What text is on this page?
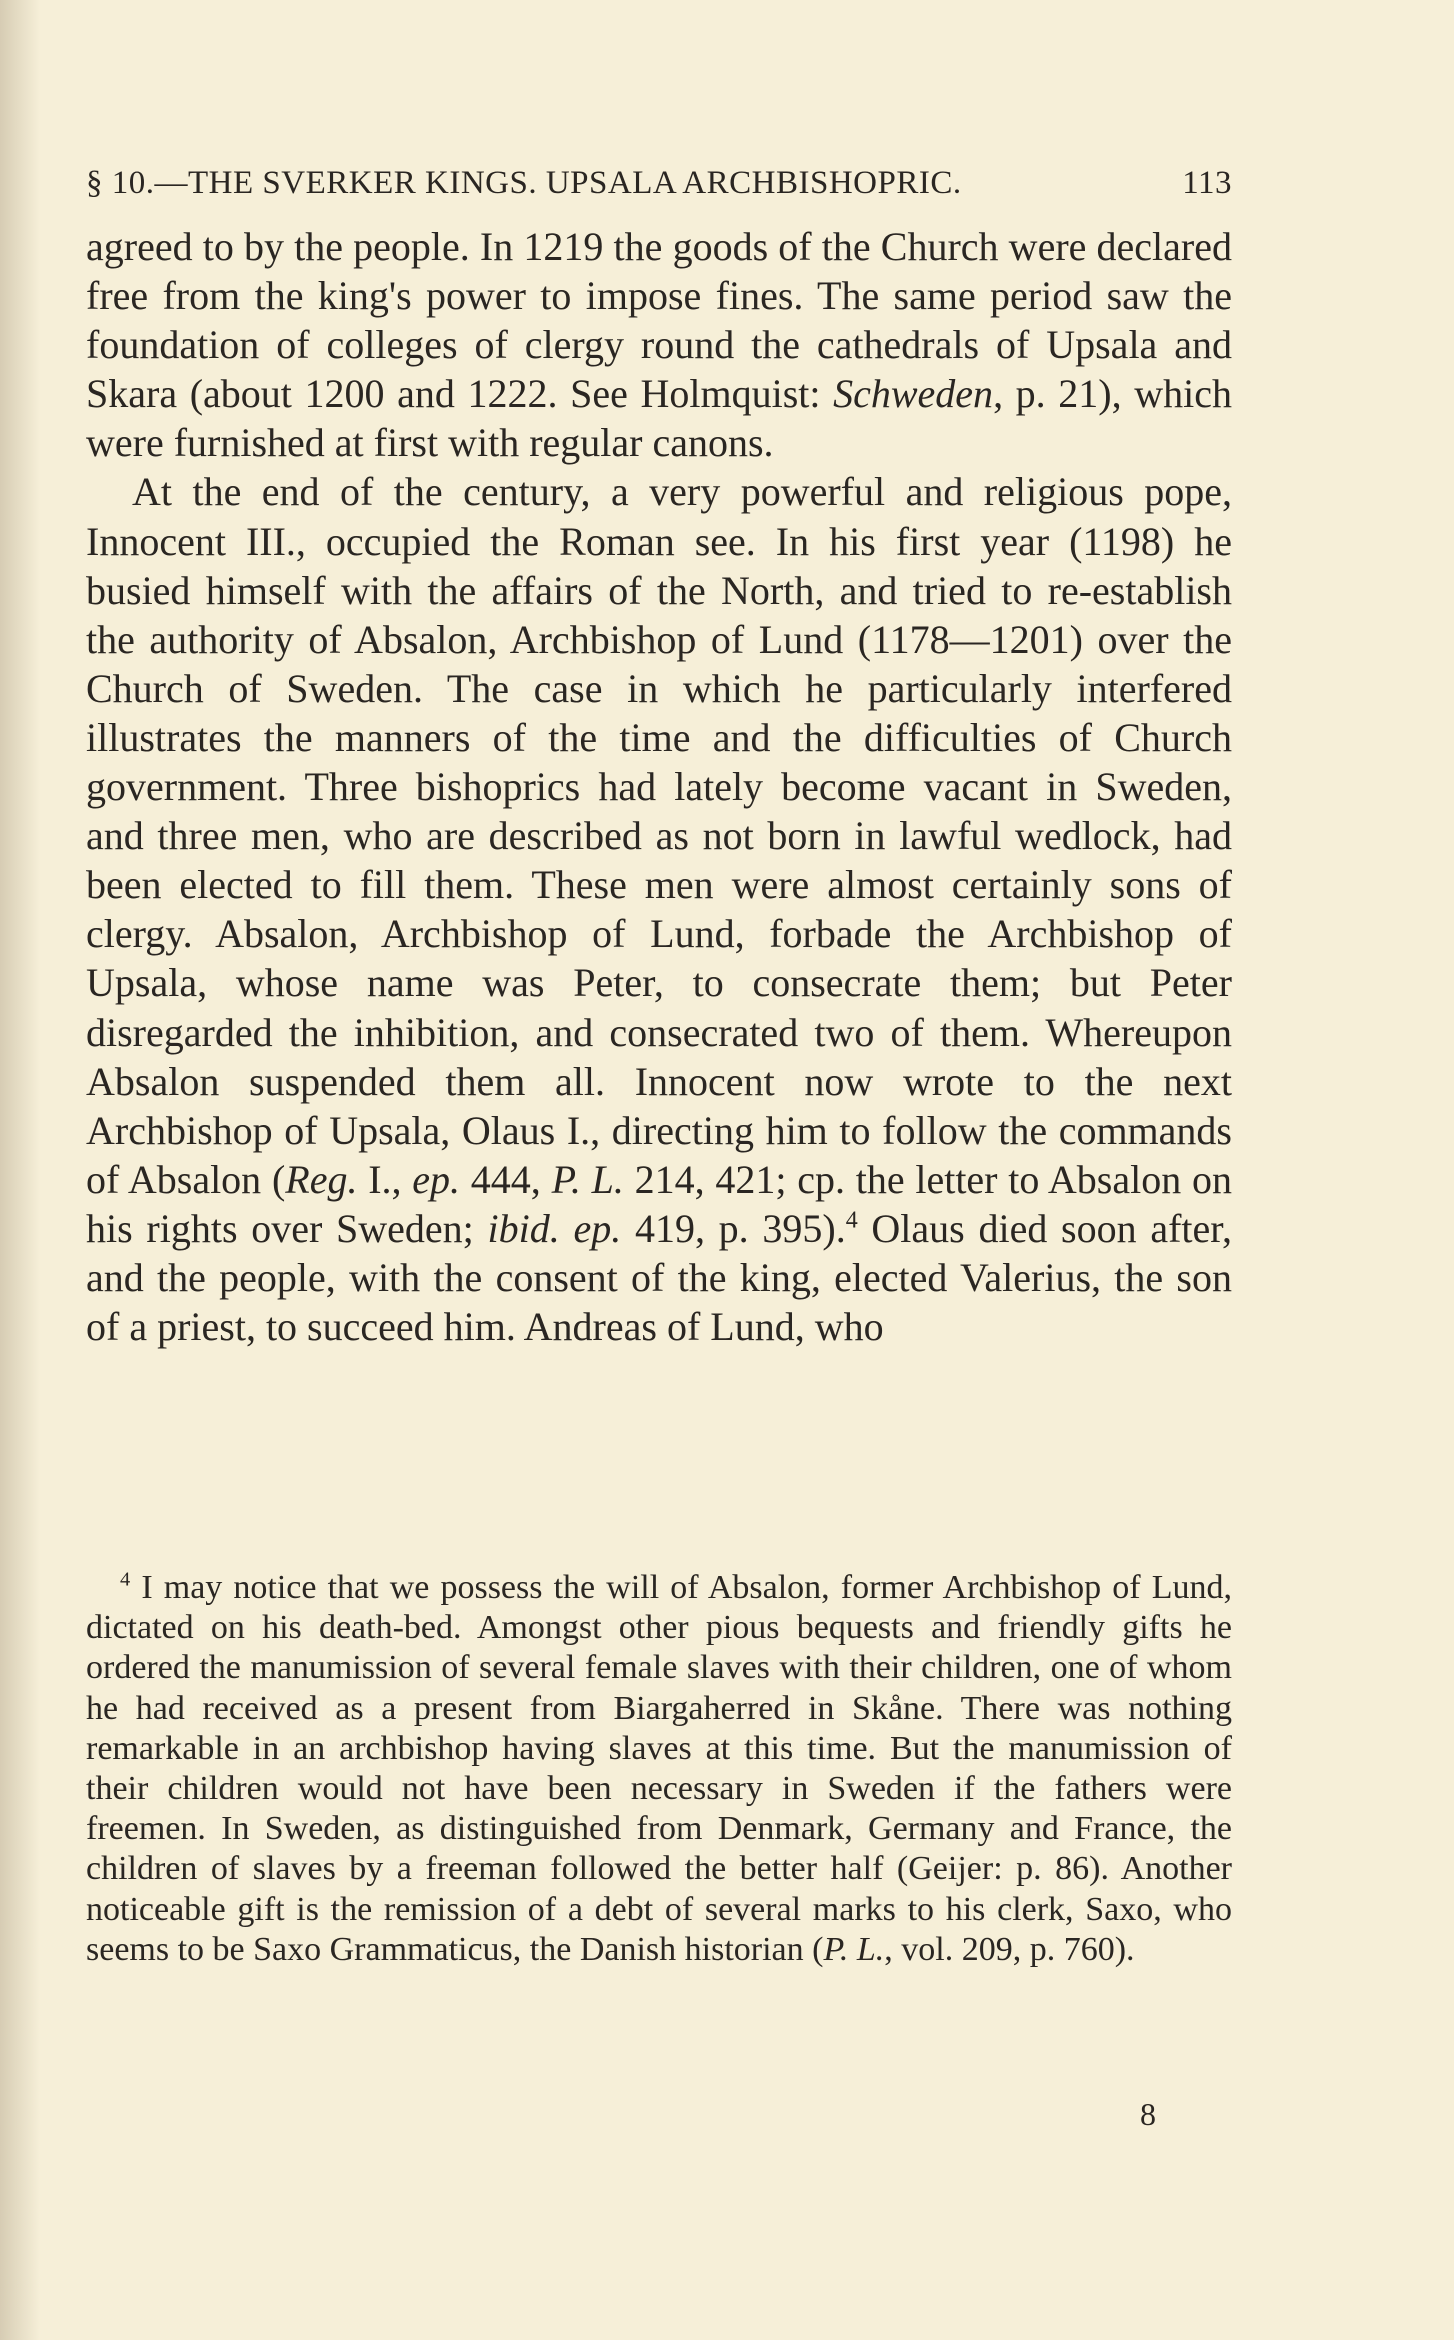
§ 10.—THE SVERKER KINGS. UPSALA ARCHBISHOPRIC.	113

agreed to by the people. In 1219 the goods of the Church were declared free from the king's power to impose fines. The same period saw the foundation of colleges of clergy round the cathedrals of Upsala and Skara (about 1200 and 1222. See Holmquist: Schweden, p. 21), which were furnished at first with regular canons.

At the end of the century, a very powerful and religious pope, Innocent III., occupied the Roman see. In his first year (1198) he busied himself with the affairs of the North, and tried to re-establish the authority of Absalon, Archbishop of Lund (1178—1201) over the Church of Sweden. The case in which he particularly interfered illustrates the manners of the time and the difficulties of Church government. Three bishoprics had lately become vacant in Sweden, and three men, who are described as not born in lawful wedlock, had been elected to fill them. These men were almost certainly sons of clergy. Absalon, Archbishop of Lund, forbade the Archbishop of Upsala, whose name was Peter, to consecrate them; but Peter disregarded the inhibition, and consecrated two of them. Whereupon Absalon suspended them all. Innocent now wrote to the next Archbishop of Upsala, Olaus I., directing him to follow the commands of Absalon (Reg. I., ep. 444, P. L. 214, 421; cp. the letter to Absalon on his rights over Sweden; ibid. ep. 419, p. 395).$^4$ Olaus died soon after, and the people, with the consent of the king, elected Valerius, the son of a priest, to succeed him. Andreas of Lund, who

$^4$ I may notice that we possess the will of Absalon, former Archbishop of Lund, dictated on his death-bed. Amongst other pious bequests and friendly gifts he ordered the manumission of several female slaves with their children, one of whom he had received as a present from Biargaherred in Skåne. There was nothing remarkable in an archbishop having slaves at this time. But the manumission of their children would not have been necessary in Sweden if the fathers were freemen. In Sweden, as distinguished from Denmark, Germany and France, the children of slaves by a freeman followed the better half (Geijer: p. 86). Another noticeable gift is the remission of a debt of several marks to his clerk, Saxo, who seems to be Saxo Grammaticus, the Danish historian (P. L., vol. 209, p. 760).

8
